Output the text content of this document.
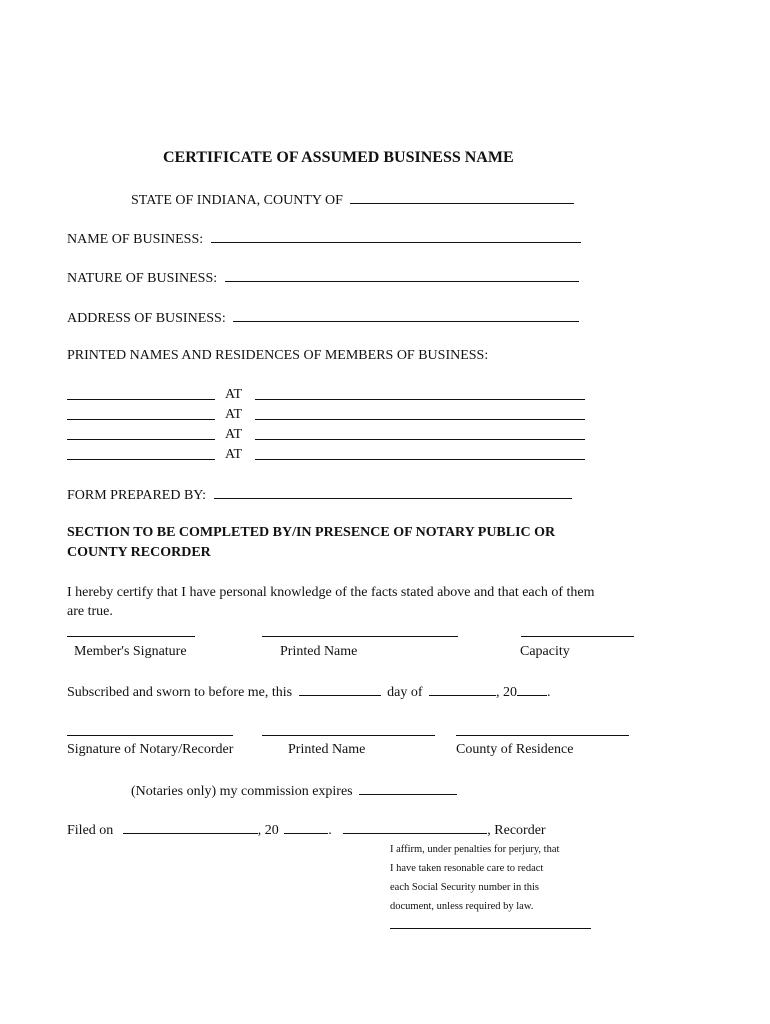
CERTIFICATE OF ASSUMED BUSINESS NAME
STATE OF INDIANA, COUNTY OF
NAME OF BUSINESS:
NATURE OF BUSINESS:
ADDRESS OF BUSINESS:
PRINTED NAMES AND RESIDENCES OF MEMBERS OF BUSINESS:
AT
AT
AT
AT
FORM PREPARED BY:
SECTION TO BE COMPLETED BY/IN PRESENCE OF NOTARY PUBLIC OR
COUNTY RECORDER
I hereby certify that I have personal knowledge of the facts stated above and that each of them
are true.
Member's Signature	Printed Name	Capacity
Subscribed and sworn to before me, this	day of	, 20 .
Signature of Notary/Recorder	Printed Name	County of Residence
(Notaries only) my commission expires
Filed on	, 20	.	, Recorder
I affirm, under penalties for perjury, that
I have taken resonable care to redact
each Social Security number in this
document, unless required by law.
